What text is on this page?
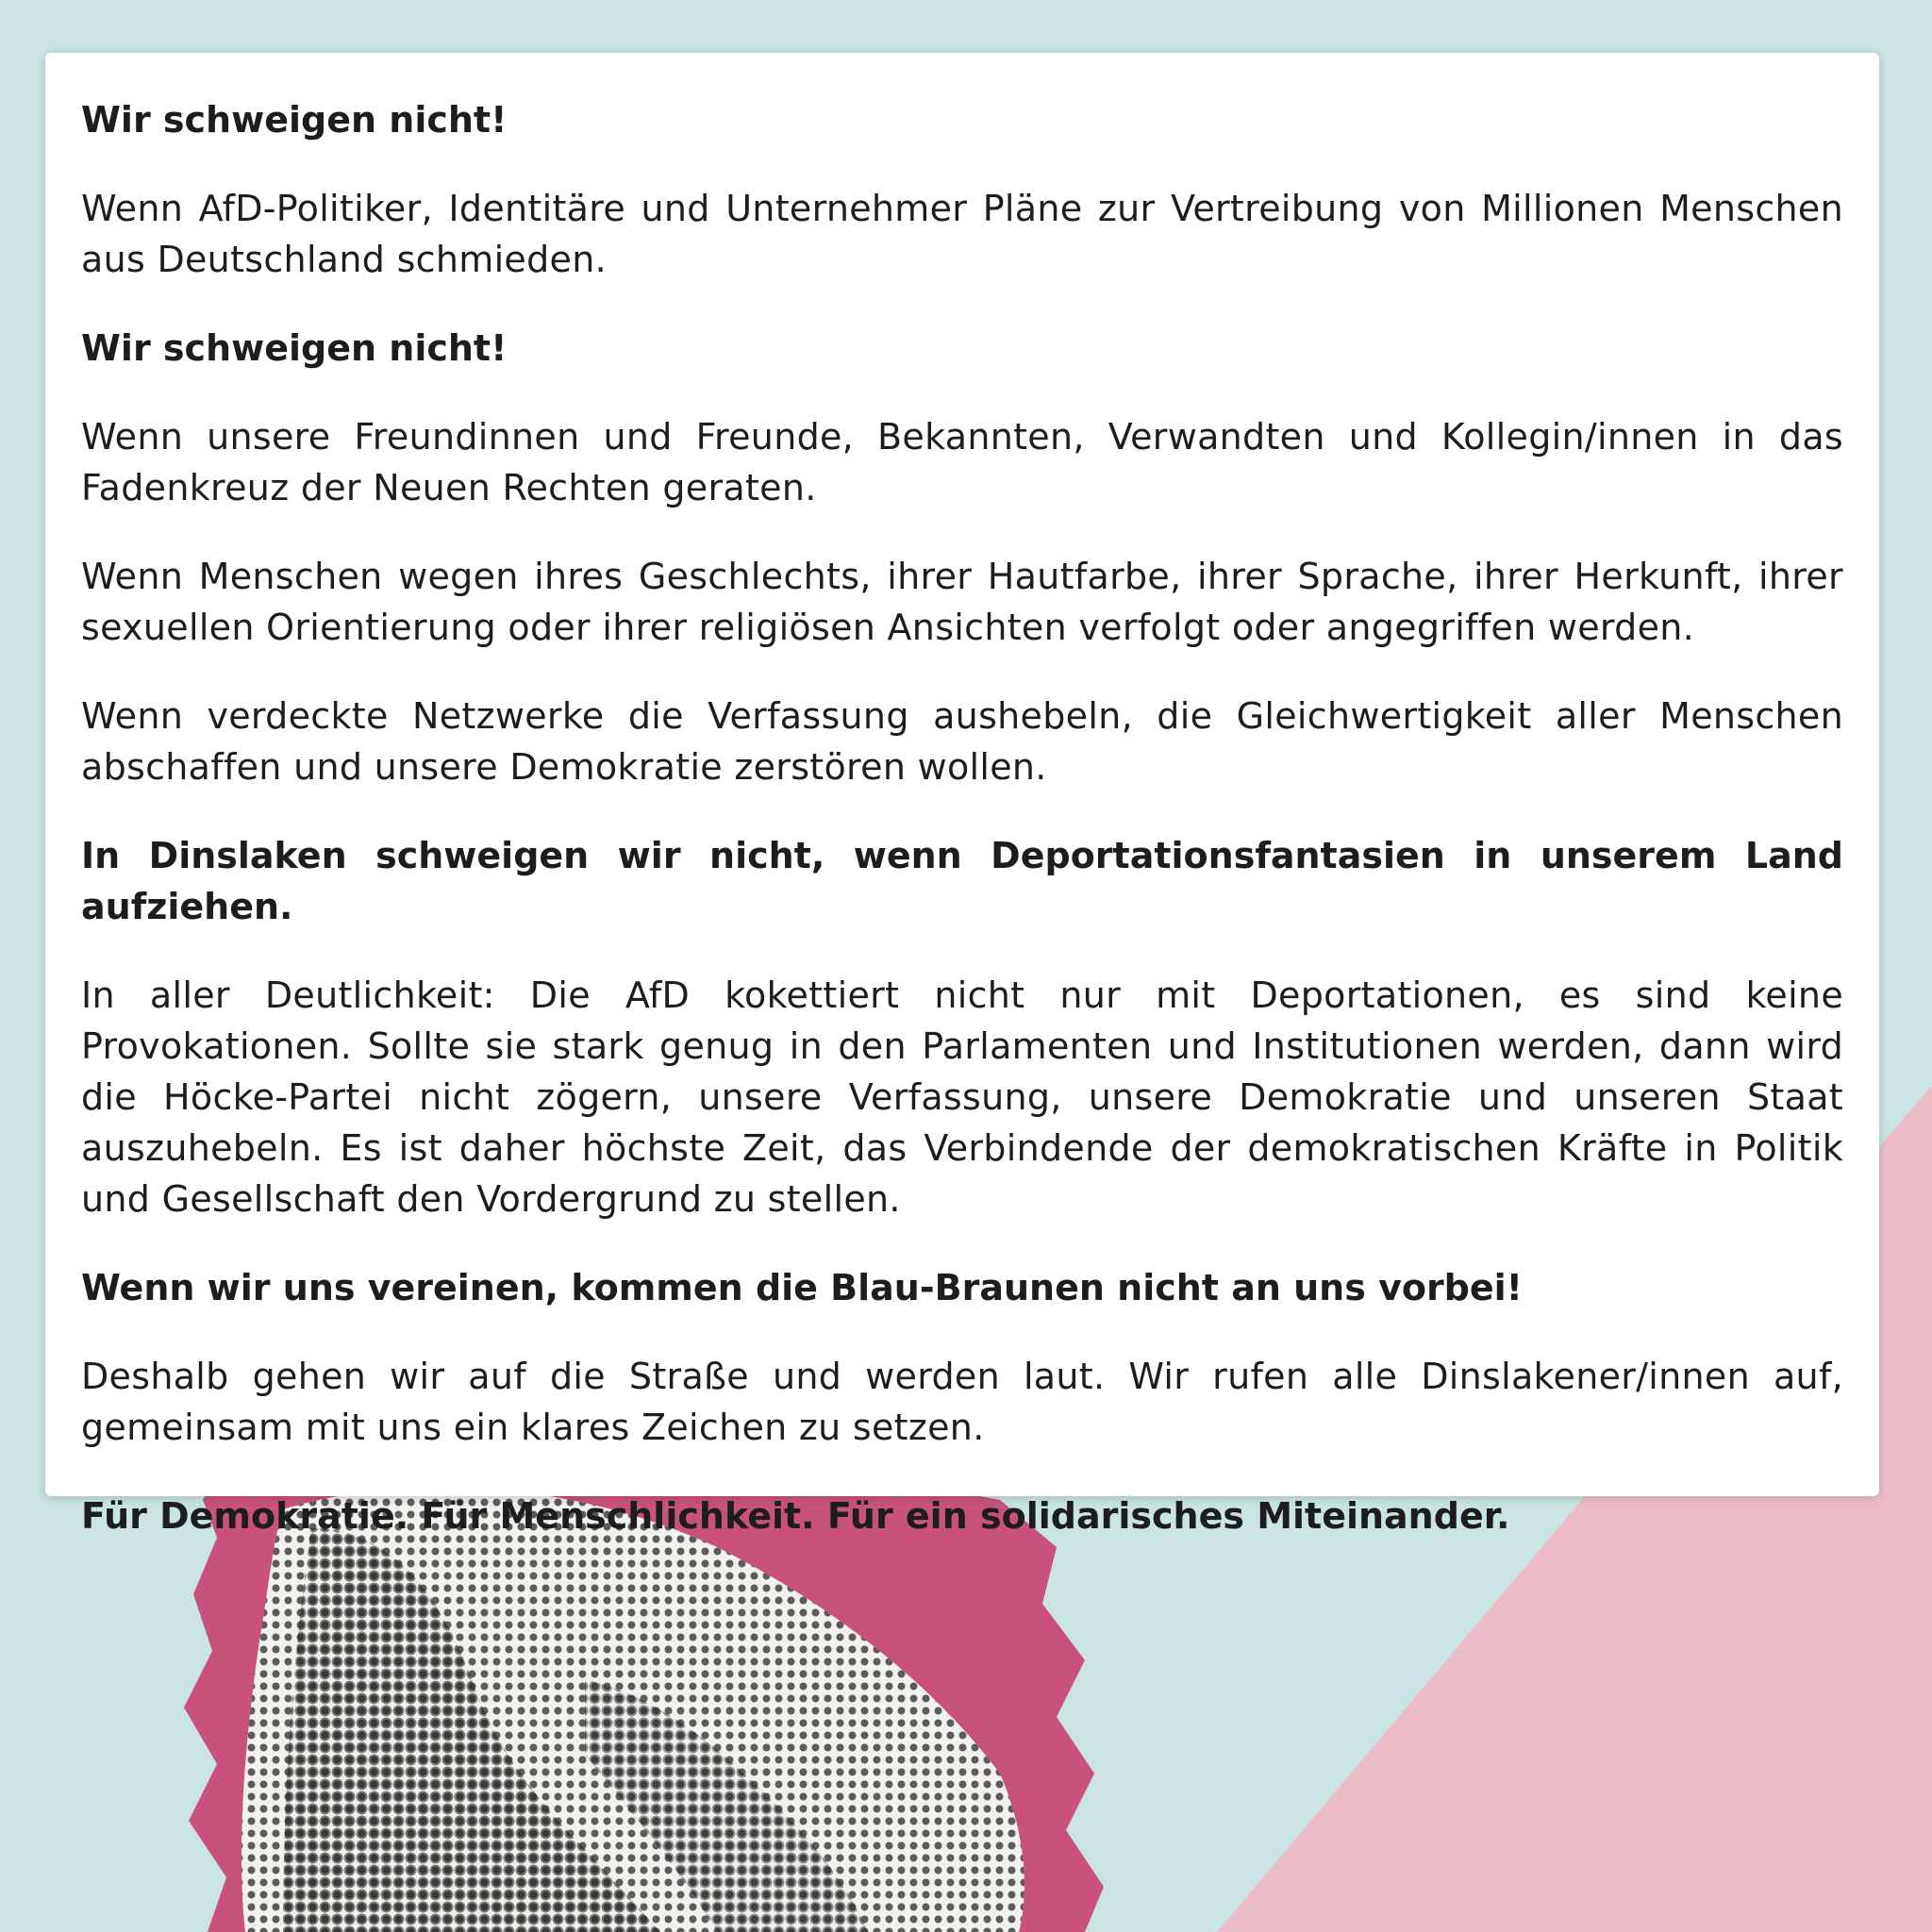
Wir schweigen nicht!

Wenn AfD-Politiker, Identitäre und Unternehmer Pläne zur Vertreibung von Millionen Menschen aus Deutschland schmieden.

Wir schweigen nicht!

Wenn unsere Freundinnen und Freunde, Bekannten, Verwandten und Kollegin/innen in das Fadenkreuz der Neuen Rechten geraten.

Wenn Menschen wegen ihres Geschlechts, ihrer Hautfarbe, ihrer Sprache, ihrer Herkunft, ihrer sexuellen Orientierung oder ihrer religiösen Ansichten verfolgt oder angegriffen werden.

Wenn verdeckte Netzwerke die Verfassung aushebeln, die Gleichwertigkeit aller Menschen abschaffen und unsere Demokratie zerstören wollen.

In Dinslaken schweigen wir nicht, wenn Deportationsfantasien in unserem Land aufziehen.

In aller Deutlichkeit: Die AfD kokettiert nicht nur mit Deportationen, es sind keine Provokationen. Sollte sie stark genug in den Parlamenten und Institutionen werden, dann wird die Höcke-Partei nicht zögern, unsere Verfassung, unsere Demokratie und unseren Staat auszuhebeln. Es ist daher höchste Zeit, das Verbindende der demokratischen Kräfte in Politik und Gesellschaft den Vordergrund zu stellen.

Wenn wir uns vereinen, kommen die Blau-Braunen nicht an uns vorbei!

Deshalb gehen wir auf die Straße und werden laut. Wir rufen alle Dinslakener/innen auf, gemeinsam mit uns ein klares Zeichen zu setzen.

Für Demokratie. Für Menschlichkeit. Für ein solidarisches Miteinander.
